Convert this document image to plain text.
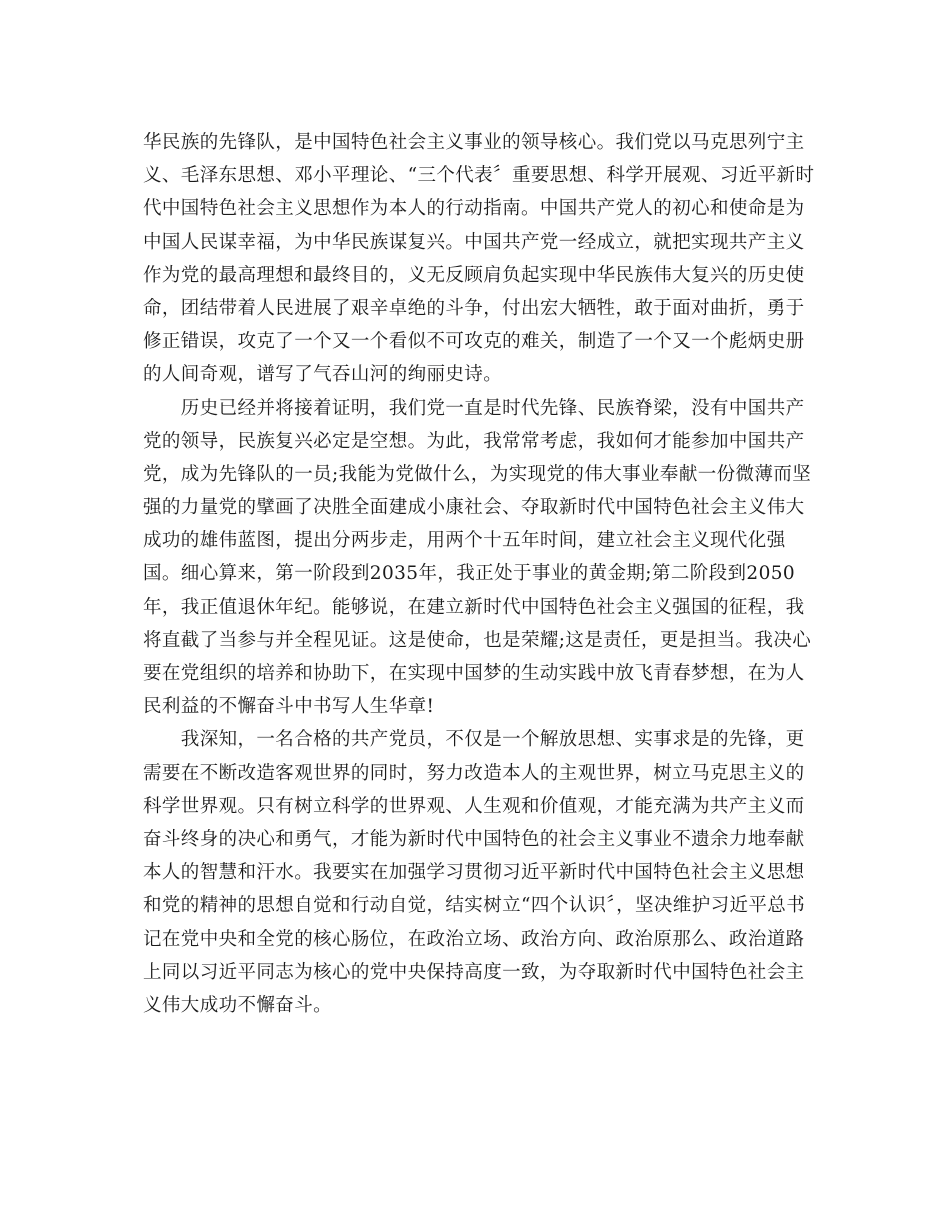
华民族的先锋队，是中国特色社会主义事业的领导核心。我们党以马克思列宁主
义、毛泽东思想、邓小平理论、“三个代表〞重要思想、科学开展观、习近平新时
代中国特色社会主义思想作为本人的行动指南。中国共产党人的初心和使命是为
中国人民谋幸福，为中华民族谋复兴。中国共产党一经成立，就把实现共产主义
作为党的最高理想和最终目的，义无反顾肩负起实现中华民族伟大复兴的历史使
命，团结带着人民进展了艰辛卓绝的斗争，付出宏大牺牲，敢于面对曲折，勇于
修正错误，攻克了一个又一个看似不可攻克的难关，制造了一个又一个彪炳史册
的人间奇观，谱写了气吞山河的绚丽史诗。
　　历史已经并将接着证明，我们党一直是时代先锋、民族脊梁，没有中国共产
党的领导，民族复兴必定是空想。为此，我常常考虑，我如何才能参加中国共产
党，成为先锋队的一员;我能为党做什么，为实现党的伟大事业奉献一份微薄而坚
强的力量党的擘画了决胜全面建成小康社会、夺取新时代中国特色社会主义伟大
成功的雄伟蓝图，提出分两步走，用两个十五年时间，建立社会主义现代化强
国。细心算来，第一阶段到2035年，我正处于事业的黄金期;第二阶段到2050
年，我正值退休年纪。能够说，在建立新时代中国特色社会主义强国的征程，我
将直截了当参与并全程见证。这是使命，也是荣耀;这是责任，更是担当。我决心
要在党组织的培养和协助下，在实现中国梦的生动实践中放飞青春梦想，在为人
民利益的不懈奋斗中书写人生华章!
　　我深知，一名合格的共产党员，不仅是一个解放思想、实事求是的先锋，更
需要在不断改造客观世界的同时，努力改造本人的主观世界，树立马克思主义的
科学世界观。只有树立科学的世界观、人生观和价值观，才能充满为共产主义而
奋斗终身的决心和勇气，才能为新时代中国特色的社会主义事业不遗余力地奉献
本人的智慧和汗水。我要实在加强学习贯彻习近平新时代中国特色社会主义思想
和党的精神的思想自觉和行动自觉，结实树立“四个认识〞，坚决维护习近平总书
记在党中央和全党的核心肠位，在政治立场、政治方向、政治原那么、政治道路
上同以习近平同志为核心的党中央保持高度一致，为夺取新时代中国特色社会主
义伟大成功不懈奋斗。
